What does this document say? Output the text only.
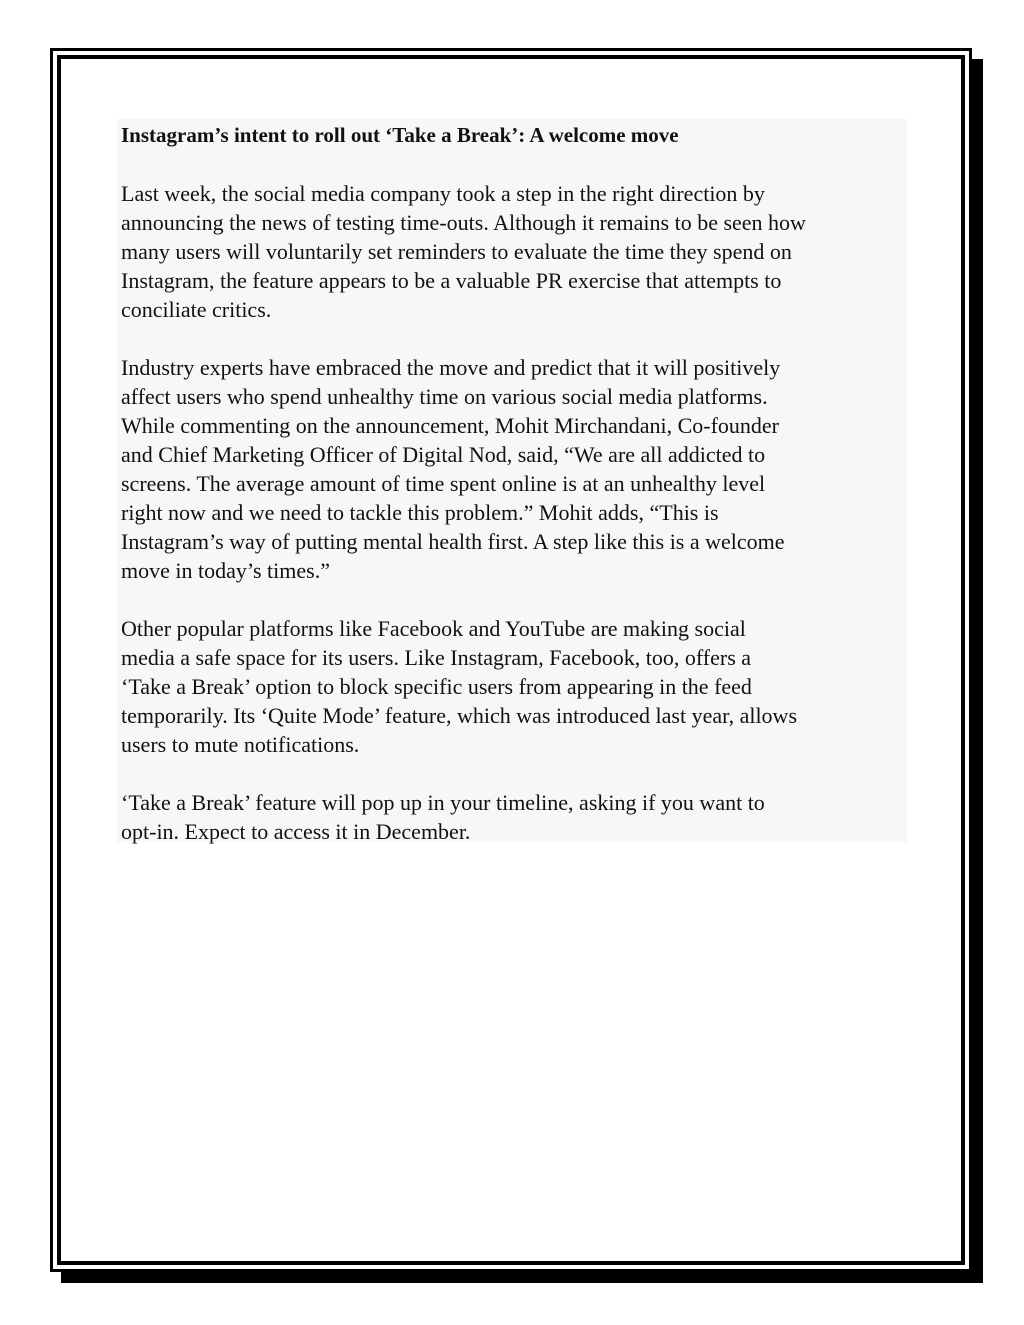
Instagram’s intent to roll out ‘Take a Break’: A welcome move
Last week, the social media company took a step in the right direction by
announcing the news of testing time-outs. Although it remains to be seen how
many users will voluntarily set reminders to evaluate the time they spend on
Instagram, the feature appears to be a valuable PR exercise that attempts to
conciliate critics.
Industry experts have embraced the move and predict that it will positively
affect users who spend unhealthy time on various social media platforms.
While commenting on the announcement, Mohit Mirchandani, Co-founder
and Chief Marketing Officer of Digital Nod, said, “We are all addicted to
screens. The average amount of time spent online is at an unhealthy level
right now and we need to tackle this problem.” Mohit adds, “This is
Instagram’s way of putting mental health first. A step like this is a welcome
move in today’s times.”
Other popular platforms like Facebook and YouTube are making social
media a safe space for its users. Like Instagram, Facebook, too, offers a
‘Take a Break’ option to block specific users from appearing in the feed
temporarily. Its ‘Quite Mode’ feature, which was introduced last year, allows
users to mute notifications.
‘Take a Break’ feature will pop up in your timeline, asking if you want to
opt-in. Expect to access it in December.
